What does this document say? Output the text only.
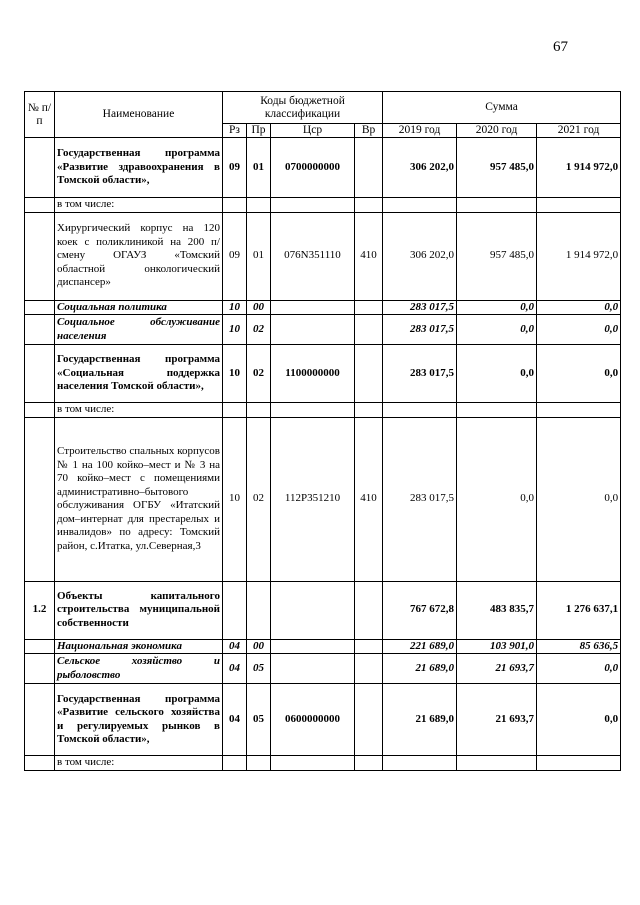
67
№ п/п	Наименование	Коды бюджетной классификации				Сумма		
		Рз	Пр	Цср	Вр	2019 год	2020 год	2021 год
	Государственная программа «Развитие здравоохранения в Томской области»,	09	01	0700000000		306 202,0	957 485,0	1 914 972,0
	в том числе:							
	Хирургический корпус на 120 коек с поликлиникой на 200 п/смену ОГАУЗ «Томский областной онкологический диспансер»	09	01	076N351110	410	306 202,0	957 485,0	1 914 972,0
	Социальная политика	10	00			283 017,5	0,0	0,0
	Социальное обслуживание населения	10	02			283 017,5	0,0	0,0
	Государственная программа «Социальная поддержка населения Томской области»,	10	02	1100000000		283 017,5	0,0	0,0
	в том числе:							
	Строительство спальных корпусов № 1 на 100 койко–мест и № 3 на 70 койко–мест с помещениями административно–бытового обслуживания ОГБУ «Итатский дом–интернат для престарелых и инвалидов» по адресу: Томский район, с.Итатка, ул.Северная,3	10	02	112P351210	410	283 017,5	0,0	0,0
1.2	Объекты капитального строительства муниципальной собственности					767 672,8	483 835,7	1 276 637,1
	Национальная экономика	04	00			221 689,0	103 901,0	85 636,5
	Сельское хозяйство и рыболовство	04	05			21 689,0	21 693,7	0,0
	Государственная программа «Развитие сельского хозяйства и регулируемых рынков в Томской области»,	04	05	0600000000		21 689,0	21 693,7	0,0
	в том числе:							
